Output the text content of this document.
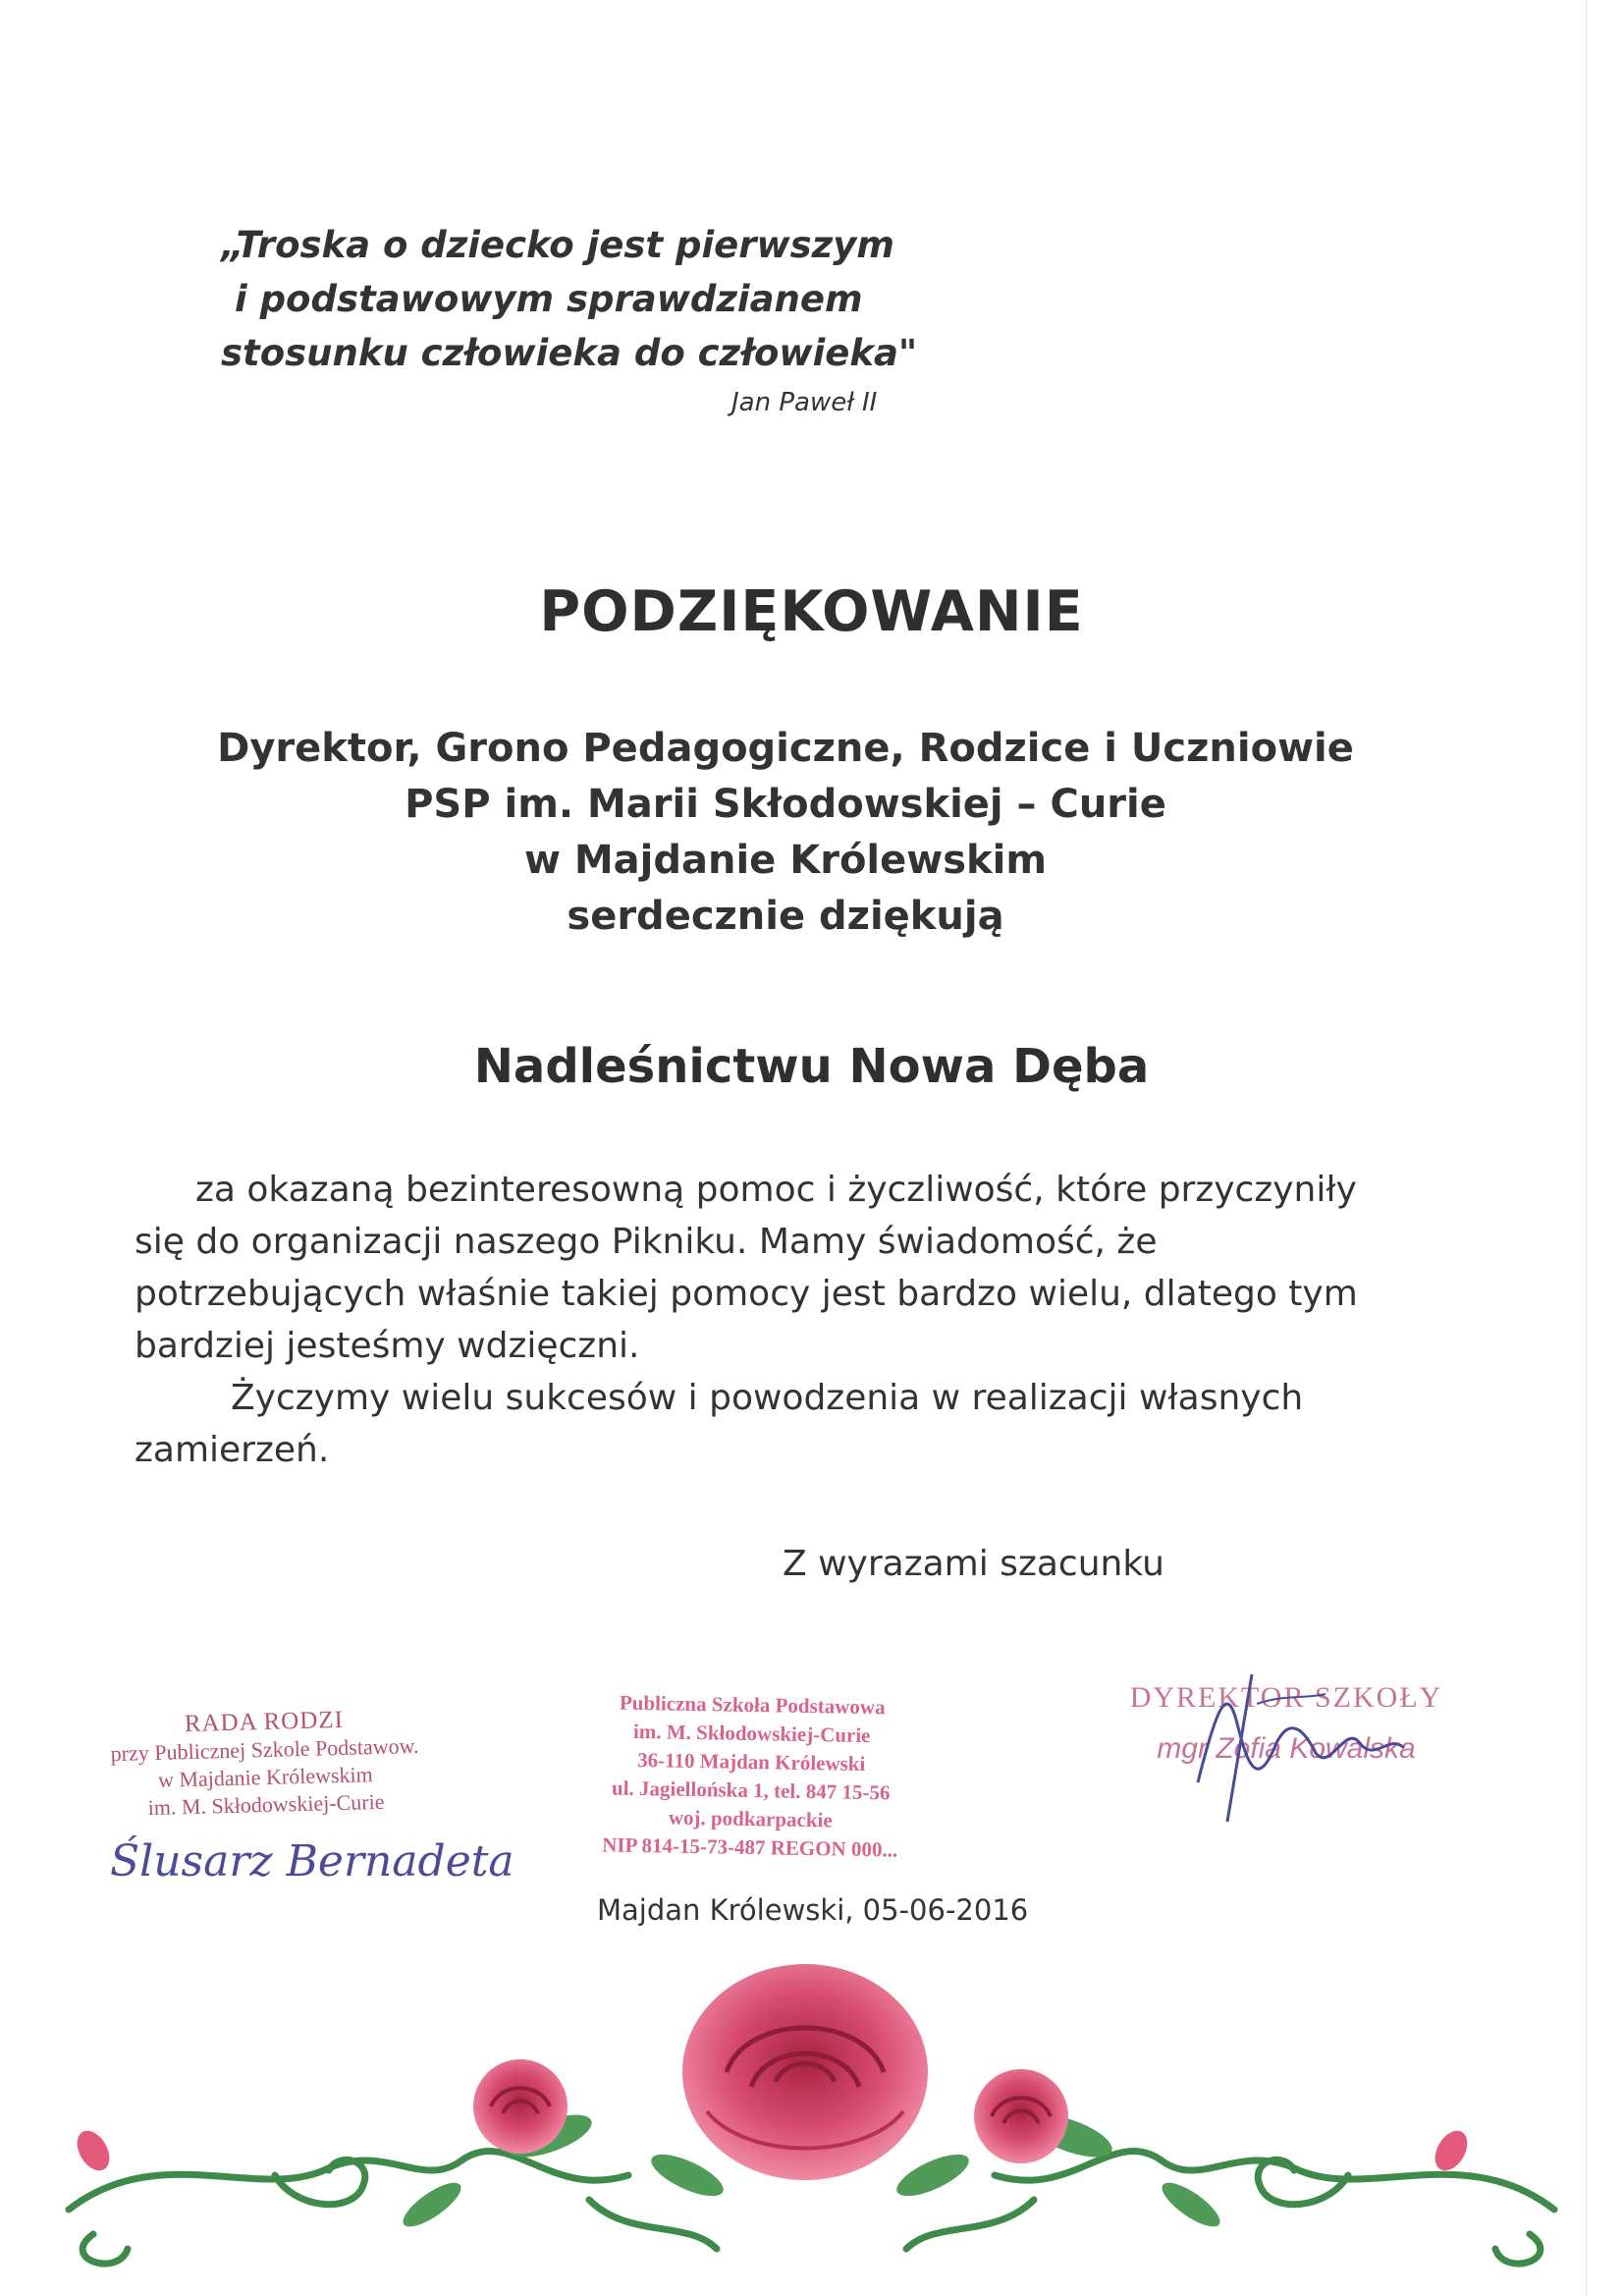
„Troska o dziecko jest pierwszym
i podstawowym sprawdzianem
stosunku człowieka do człowieka"
Jan Paweł II
PODZIĘKOWANIE
Dyrektor, Grono Pedagogiczne, Rodzice i Uczniowie
PSP im. Marii Skłodowskiej – Curie
w Majdanie Królewskim
serdecznie dziękują
Nadleśnictwu Nowa Dęba

za okazaną bezinteresowną pomoc i życzliwość, które przyczyniły się do organizacji naszego Pikniku. Mamy świadomość, że potrzebujących właśnie takiej pomocy jest bardzo wielu, dlatego tym bardziej jesteśmy wdzięczni.

Życzymy wielu sukcesów i powodzenia w realizacji własnych zamierzeń.

Z wyrazami szacunku
RADA RODZI
przy Publicznej Szkole Podstawow.
w Majdanie Królewskim
im. M. Skłodowskiej-Curie
Ślusarz Bernadeta
Publiczna Szkoła Podstawowa
im. M. Skłodowskiej-Curie
36-110 Majdan Królewski
ul. Jagiellońska 1, tel. 847 15-56
woj. podkarpackie
NIP 814-15-73-487 REGON 000...
DYREKTOR SZKOŁY
mgr Zofia Kowalska
Majdan Królewski, 05-06-2016
